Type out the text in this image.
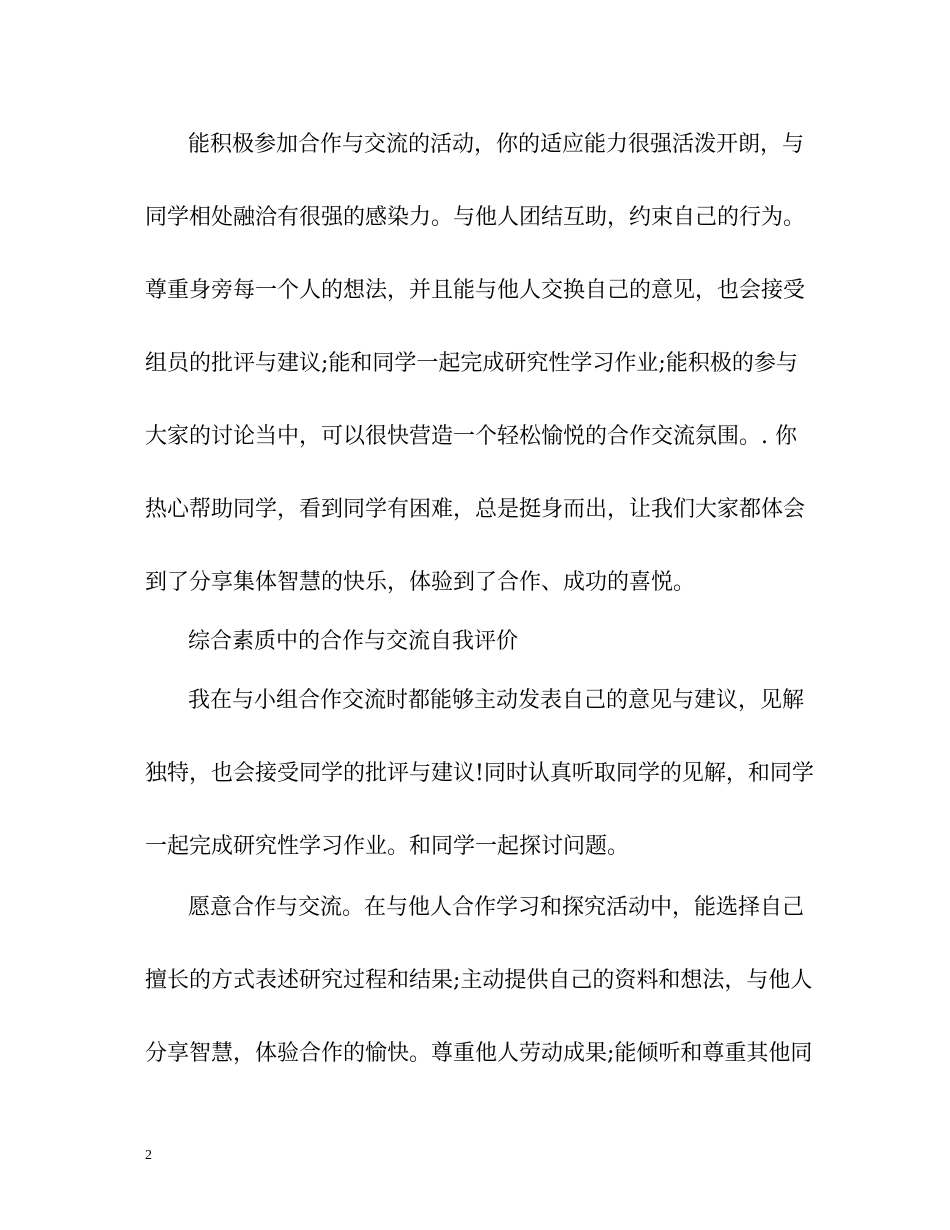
能积极参加合作与交流的活动，你的适应能力很强活泼开朗，与
同学相处融洽有很强的感染力。与他人团结互助，约束自己的行为。
尊重身旁每一个人的想法，并且能与他人交换自己的意见，也会接受
组员的批评与建议;能和同学一起完成研究性学习作业;能积极的参与
大家的讨论当中，可以很快营造一个轻松愉悦的合作交流氛围。. 你
热心帮助同学，看到同学有困难，总是挺身而出，让我们大家都体会
到了分享集体智慧的快乐，体验到了合作、成功的喜悦。
综合素质中的合作与交流自我评价
我在与小组合作交流时都能够主动发表自己的意见与建议，见解
独特，也会接受同学的批评与建议!同时认真听取同学的见解，和同学
一起完成研究性学习作业。和同学一起探讨问题。
愿意合作与交流。在与他人合作学习和探究活动中，能选择自己
擅长的方式表述研究过程和结果;主动提供自己的资料和想法，与他人
分享智慧，体验合作的愉快。尊重他人劳动成果;能倾听和尊重其他同
2
